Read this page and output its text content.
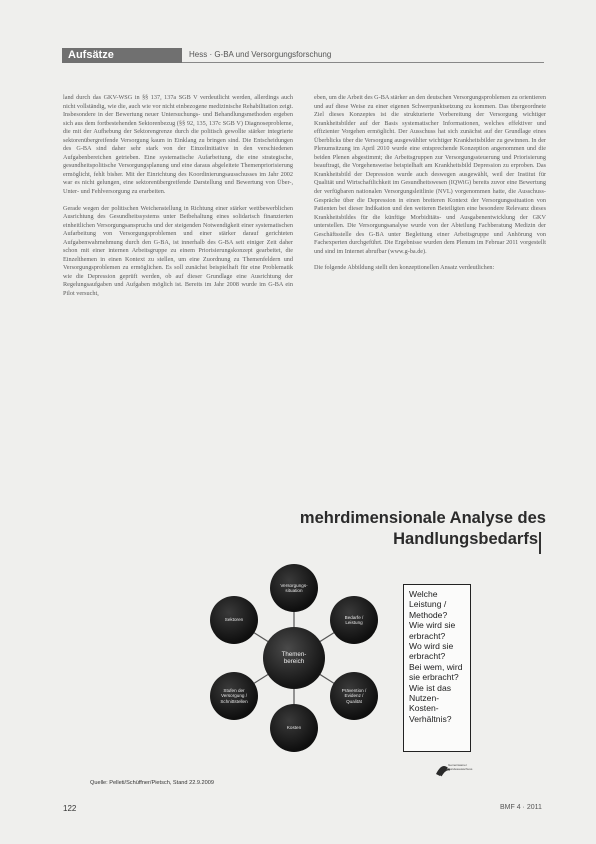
Aufsätze	Hess · G-BA und Versorgungsforschung

land durch das GKV-WSG in §§ 137, 137a SGB V verdeutlicht werden, allerdings auch nicht vollständig, wie die, auch wie vor nicht einbezogene medizinische Rehabilitation zeigt. Insbesondere in der Bewertung neuer Untersuchungs- und Behandlungsmethoden ergeben sich aus dem fortbestehenden Sektorenbezug (§§ 92, 135, 137c SGB V) Diagnoseprobleme, die mit der Aufhebung der Sektorengrenze durch die politisch gewollte stärker integrierte sektorenübergreifende Versorgung kaum in Einklang zu bringen sind. Die Entscheidungen des G-BA sind daher sehr stark von der Einzelinitiative in den verschiedenen Aufgabenbereichen getrieben. Eine systematische Aufarbeitung, die eine strategische, gesundheitspolitische Versorgungsplanung und eine daraus abgeleitete Themenpriorisierung ermöglicht, fehlt bisher. Mit der Einrichtung des Koordinierungsausschusses im Jahr 2002 war es nicht gelungen, eine sektorenübergreifende Darstellung und Bewertung von Über-, Unter- und Fehlversorgung zu erarbeiten.

Gerade wegen der politischen Weichenstellung in Richtung einer stärker wettbewerblichen Ausrichtung des Gesundheitssystems unter Beibehaltung eines solidarisch finanzierten einheitlichen Versorgungsanspruchs und der steigenden Notwendigkeit einer systematischen Aufarbeitung von Versorgungsproblemen und einer stärker darauf gerichteten Aufgabenwahrnehmung durch den G-BA, ist innerhalb des G-BA seit einiger Zeit daher schon mit einer internen Arbeitsgruppe zu einem Priorisierungskonzept gearbeitet, die Einzelthemen in einen Kontext zu stellen, um eine Zuordnung zu Themenfeldern und Versorgungsproblemen zu ermöglichen. Es soll zunächst beispielhaft für eine Problematik wie die Depression geprüft werden, ob auf dieser Grundlage eine Ausrichtung der Regelungsaufgaben und Aufgaben möglich ist. Bereits im Jahr 2008 wurde im G-BA ein Pilot versucht,

eben, um die Arbeit des G-BA stärker an den deutschen Versorgungsproblemen zu orientieren und auf diese Weise zu einer eigenen Schwerpunktsetzung zu kommen. Das übergeordnete Ziel dieses Konzeptes ist die strukturierte Vorbereitung der Versorgung wichtiger Krankheitsbilder auf der Basis systematischer Informationen, welches effektiver und effizienter Vorgehen ermöglicht. Der Ausschuss hat sich zunächst auf der Grundlage eines Überblicks über die Versorgung ausgewählter wichtiger Krankheitsbilder zu gewinnen. In der Plenumsitzung im April 2010 wurde eine entsprechende Konzeption angenommen und die beiden Plenen abgestimmt; die Arbeitsgruppen zur Versorgungssteuerung und Priorisierung beauftragt, die Vorgehensweise beispielhaft am Krankheitsbild Depression zu erproben. Das Krankheitsbild der Depression wurde auch deswegen ausgewählt, weil der Institut für Qualität und Wirtschaftlichkeit im Gesundheitswesen (IQWiG) bereits zuvor eine Bewertung der verfügbaren nationalen Versorgungsleitlinie (NVL) vorgenommen hatte, die Ausschuss-Gespräche über die Depression in einen breiteren Kontext der Versorgungssituation von Patienten bei dieser Indikation und den weiteren Beteiligten eine besondere Relevanz dieses Krankheitsbildes für die künftige Morbiditäts- und Ausgabenentwicklung der GKV unterstellen. Die Versorgungsanalyse wurde von der Abteilung Fachberatung Medizin der Geschäftsstelle des G-BA unter Begleitung einer Arbeitsgruppe und Anhörung von Fachexperten durchgeführt. Die Ergebnisse wurden dem Plenum im Februar 2011 vorgestellt und sind im Internet abrufbar (www.g-ba.de).

Die folgende Abbildung stellt den konzeptionellen Ansatz verdeutlichen:

mehrdimensionale Analyse des
Handlungsbedarfs
Versorgungs-
situation
Bedarfe /
Leistung
Prävention /
Evidenz /
Qualität
Kosten
Stufen der
Versorgung /
Schnittstellen
Sektoren
Themen-
bereich
Welche
Leistung /
Methode?
Wie wird sie
erbracht?
Wo wird sie
erbracht?
Bei wem, wird
sie erbracht?
Wie ist das
Nutzen-
Kosten-
Verhältnis?
Gemeinsamer
Bundesausschuss
Quelle: Pelleti/Schüffner/Pietsch, Stand 22.9.2009
122	BMF 4 · 2011
